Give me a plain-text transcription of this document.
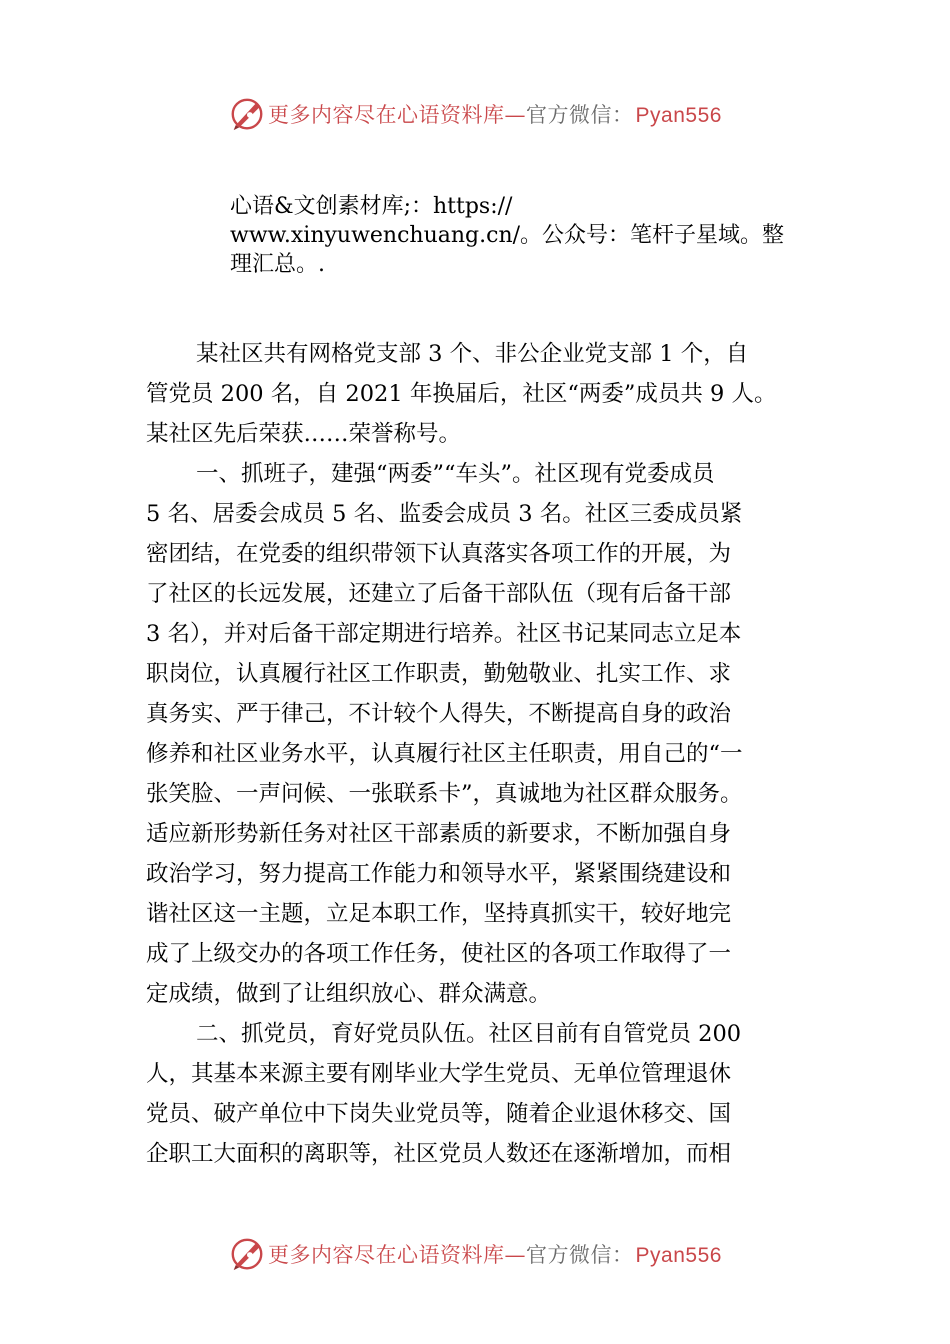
更多内容尽在心语资料库—官方微信：Pyan556

心语&文创素材库;：https://

www.xinyuwenchuang.cn/。公众号：笔杆子星域。整

理汇总。.

某社区共有网格党支部 3 个、非公企业党支部 1 个，自
管党员 200 名，自 2021 年换届后，社区“两委”成员共 9 人。
某社区先后荣获……荣誉称号。

一、抓班子，建强“两委”“车头”。社区现有党委成员
5 名、居委会成员 5 名、监委会成员 3 名。社区三委成员紧
密团结，在党委的组织带领下认真落实各项工作的开展，为
了社区的长远发展，还建立了后备干部队伍（现有后备干部
3 名），并对后备干部定期进行培养。社区书记某同志立足本
职岗位，认真履行社区工作职责，勤勉敬业、扎实工作、求
真务实、严于律己，不计较个人得失，不断提高自身的政治
修养和社区业务水平，认真履行社区主任职责，用自己的“一
张笑脸、一声问候、一张联系卡”，真诚地为社区群众服务。
适应新形势新任务对社区干部素质的新要求，不断加强自身
政治学习，努力提高工作能力和领导水平，紧紧围绕建设和
谐社区这一主题，立足本职工作，坚持真抓实干，较好地完
成了上级交办的各项工作任务，使社区的各项工作取得了一
定成绩，做到了让组织放心、群众满意。

二、抓党员，育好党员队伍。社区目前有自管党员 200
人，其基本来源主要有刚毕业大学生党员、无单位管理退休
党员、破产单位中下岗失业党员等，随着企业退休移交、国
企职工大面积的离职等，社区党员人数还在逐渐增加，而相

更多内容尽在心语资料库—官方微信：Pyan556
